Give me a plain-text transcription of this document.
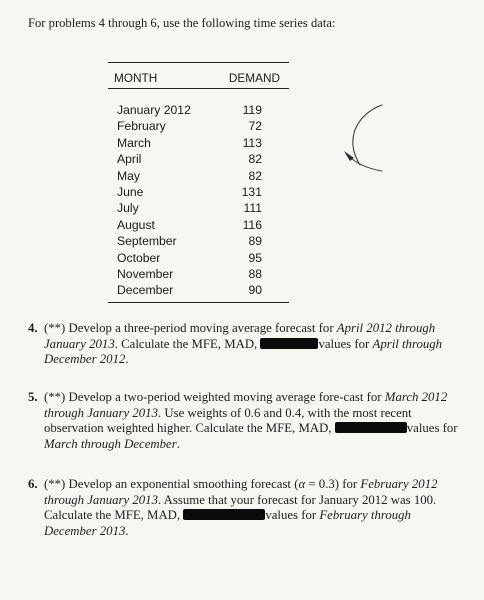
For problems 4 through 6, use the following time series data:
MONTH	DEMAND
January 2012	119
February	72
March	113
April	82
May	82
June	131
July	111
August	116
September	89
October	95
November	88
December	90
4. (**) Develop a three-period moving average forecast for April 2012 through January 2013. Calculate the MFE, MAD,	values for April through December 2012.
5. (**) Develop a two-period weighted moving average fore-cast for March 2012 through January 2013. Use weights of 0.6 and 0.4, with the most recent observation weighted higher. Calculate the MFE, MAD,	values for March through December.
6. (**) Develop an exponential smoothing forecast (α = 0.3) for February 2012 through January 2013. Assume that your forecast for January 2012 was 100. Calculate the MFE, MAD,	values for February through December 2013.
